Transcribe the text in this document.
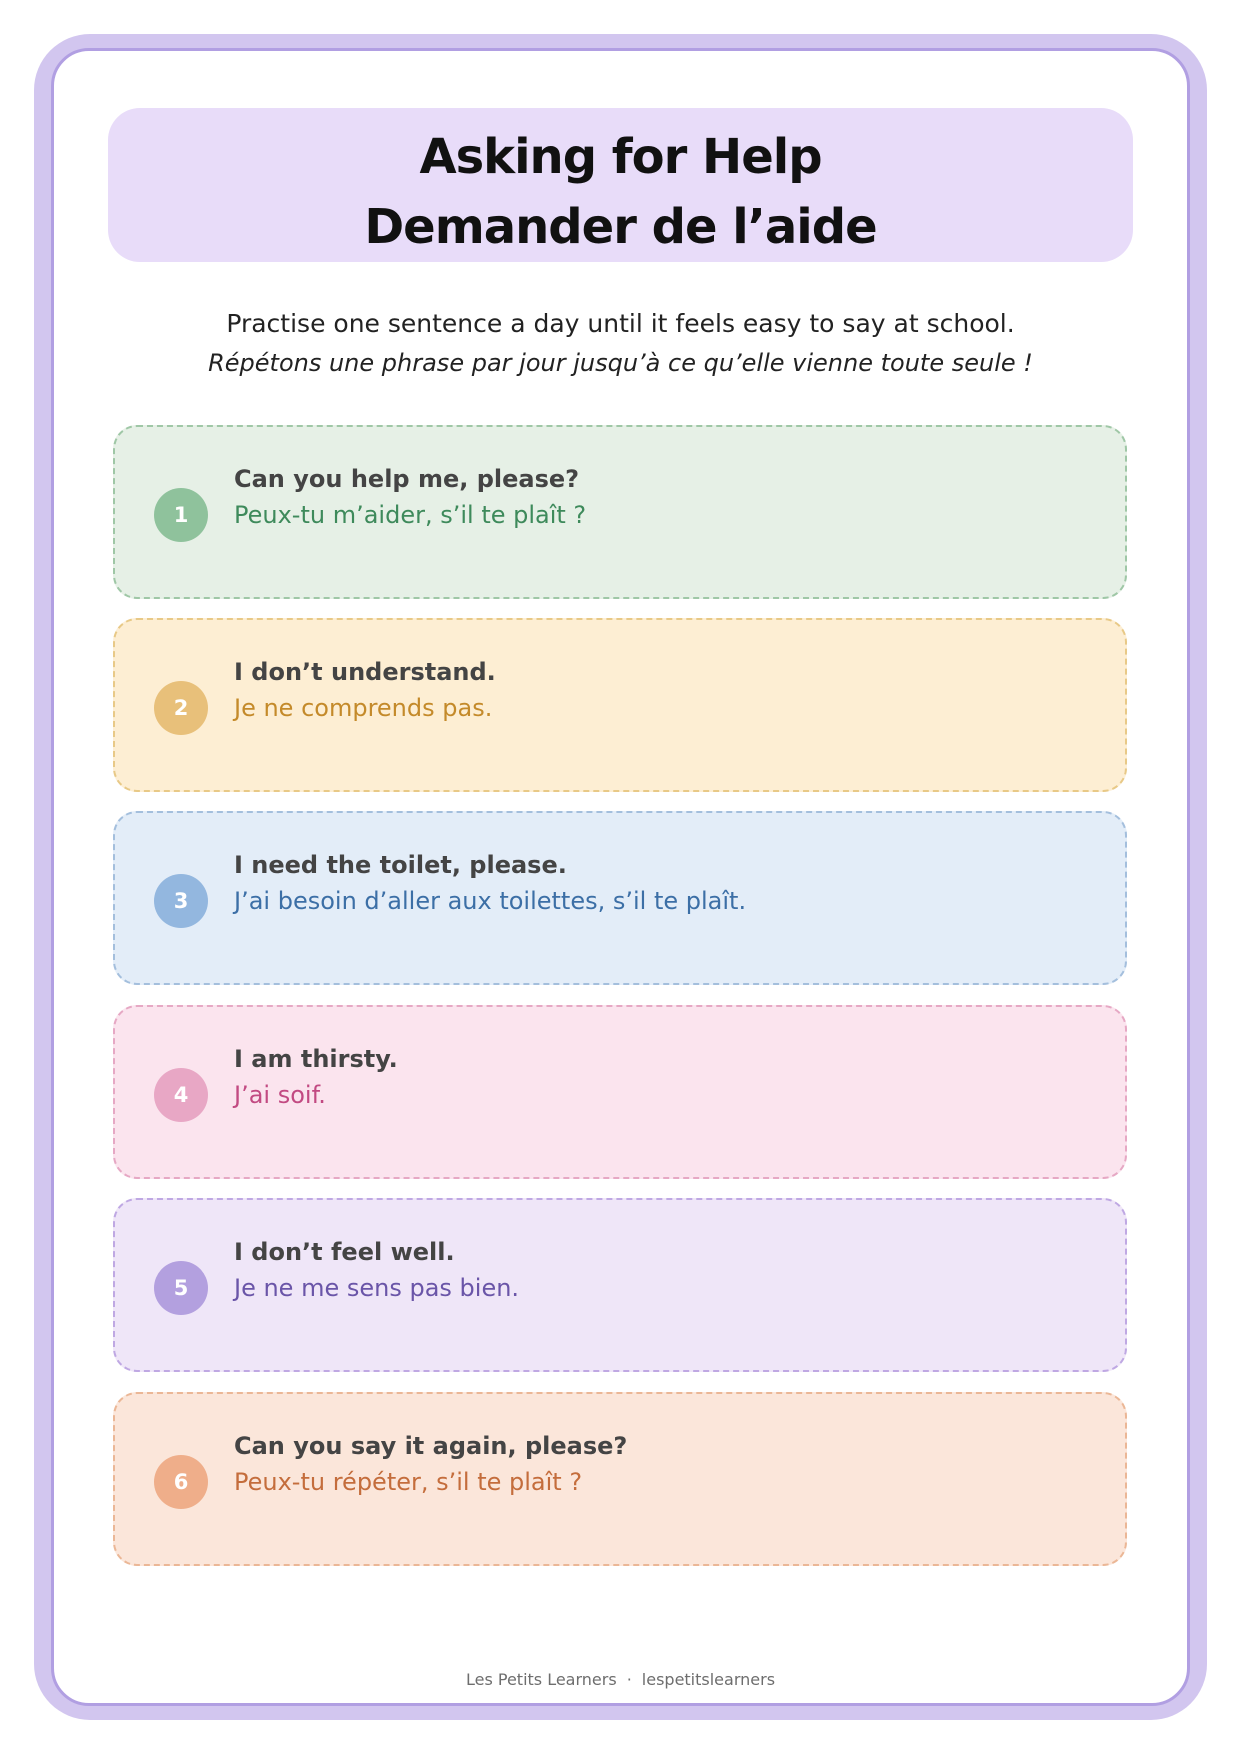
Asking for Help
Demander de l’aide
Practise one sentence a day until it feels easy to say at school.
Répétons une phrase par jour jusqu’à ce qu’elle vienne toute seule !
1
Can you help me, please?
Peux-tu m’aider, s’il te plaît ?
2
I don’t understand.
Je ne comprends pas.
3
I need the toilet, please.
J’ai besoin d’aller aux toilettes, s’il te plaît.
4
I am thirsty.
J’ai soif.
5
I don’t feel well.
Je ne me sens pas bien.
6
Can you say it again, please?
Peux-tu répéter, s’il te plaît ?
Les Petits Learners · lespetitslearners
